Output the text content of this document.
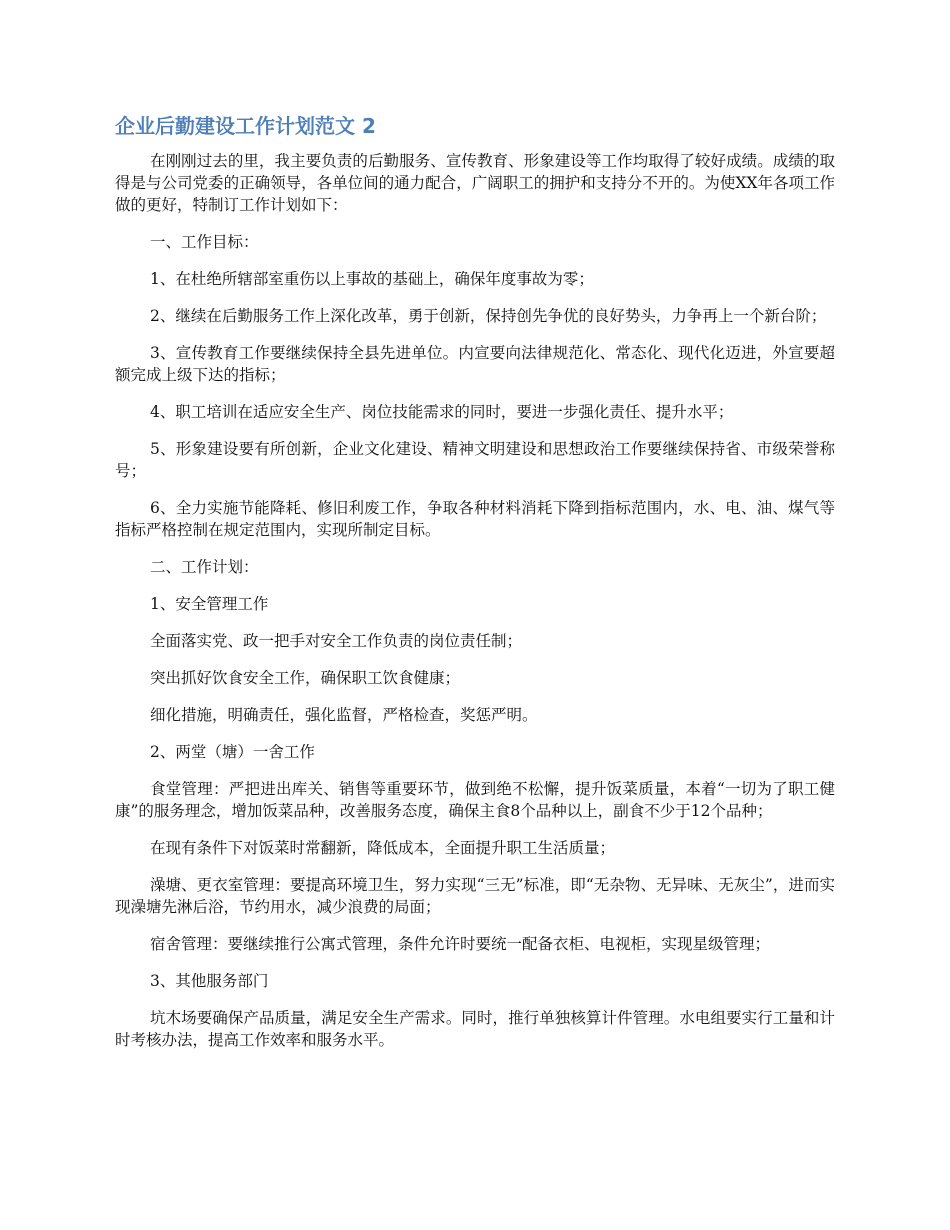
企业后勤建设工作计划范文 2

在刚刚过去的里，我主要负责的后勤服务、宣传教育、形象建设等工作均取得了较好成绩。成绩的取得是与公司党委的正确领导，各单位间的通力配合，广阔职工的拥护和支持分不开的。为使XX年各项工作做的更好，特制订工作计划如下：

一、工作目标：

1、在杜绝所辖部室重伤以上事故的基础上，确保年度事故为零；

2、继续在后勤服务工作上深化改革，勇于创新，保持创先争优的良好势头，力争再上一个新台阶；

3、宣传教育工作要继续保持全县先进单位。内宣要向法律规范化、常态化、现代化迈进，外宣要超额完成上级下达的指标；

4、职工培训在适应安全生产、岗位技能需求的同时，要进一步强化责任、提升水平；

5、形象建设要有所创新，企业文化建设、精神文明建设和思想政治工作要继续保持省、市级荣誉称号；

6、全力实施节能降耗、修旧利废工作，争取各种材料消耗下降到指标范围内，水、电、油、煤气等指标严格控制在规定范围内，实现所制定目标。

二、工作计划：

1、安全管理工作

全面落实党、政一把手对安全工作负责的岗位责任制；

突出抓好饮食安全工作，确保职工饮食健康；

细化措施，明确责任，强化监督，严格检查，奖惩严明。

2、两堂（塘）一舍工作

食堂管理：严把进出库关、销售等重要环节，做到绝不松懈，提升饭菜质量，本着“一切为了职工健康”的服务理念，增加饭菜品种，改善服务态度，确保主食8个品种以上，副食不少于12个品种；

在现有条件下对饭菜时常翻新，降低成本，全面提升职工生活质量；

澡塘、更衣室管理：要提高环境卫生，努力实现“三无”标准，即“无杂物、无异味、无灰尘”，进而实现澡塘先淋后浴，节约用水，减少浪费的局面；

宿舍管理：要继续推行公寓式管理，条件允许时要统一配备衣柜、电视柜，实现星级管理；

3、其他服务部门

坑木场要确保产品质量，满足安全生产需求。同时，推行单独核算计件管理。水电组要实行工量和计时考核办法，提高工作效率和服务水平。
